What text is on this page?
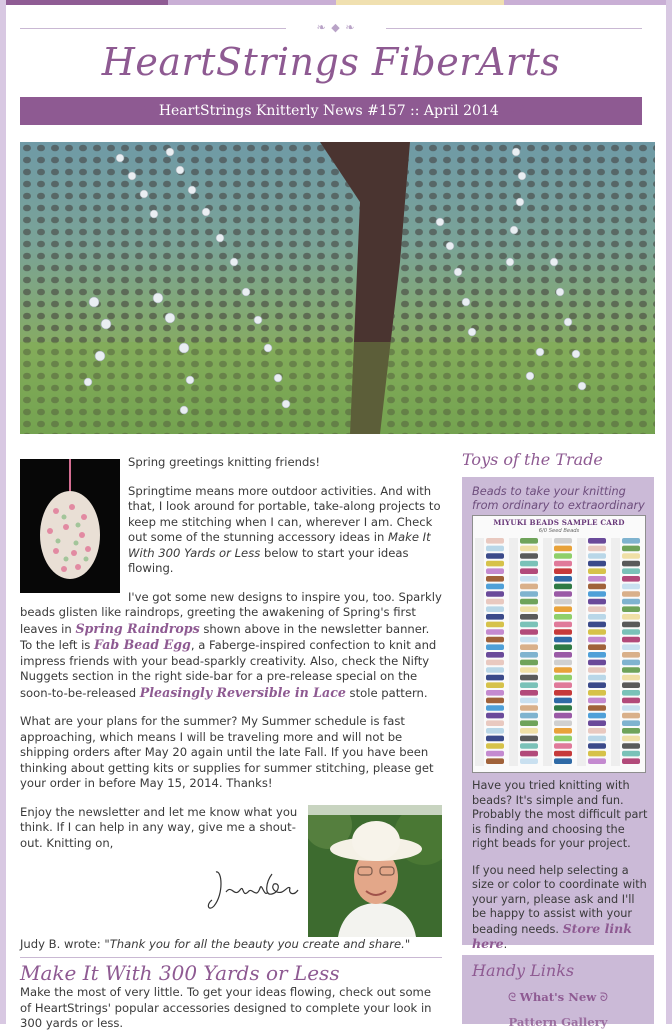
❧ ◆ ❧
HeartStrings FiberArts
ᘓ∾ HeartStrings Knitterly News #157 :: April 2014 ∾ᘐ

Spring greetings knitting friends!

Springtime means more outdoor activities. And with that, I look around for portable, take-along projects to keep me stitching when I can, wherever I am. Check out some of the stunning accessory ideas in Make It With 300 Yards or Less below to start your ideas flowing.

I've got some new designs to inspire you, too. Sparkly beads glisten like raindrops, greeting the awakening of Spring's first leaves in Spring Raindrops shown above in the newsletter banner. To the left is Fab Bead Egg, a Faberge-inspired confection to knit and impress friends with your bead-sparkly creativity. Also, check the Nifty Nuggets section in the right side-bar for a pre-release special on the soon-to-be-released Pleasingly Reversible in Lace stole pattern.

What are your plans for the summer? My Summer schedule is fast approaching, which means I will be traveling more and will not be shipping orders after May 20 again until the late Fall. If you have been thinking about getting kits or supplies for summer stitching, please get your order in before May 15, 2014. Thanks!

Enjoy the newsletter and let me know what you think. If I can help in any way, give me a shout-out. Knitting on,

Judy B. wrote: "Thank you for all the beauty you create and share."
Make It With 300 Yards or Less
Make the most of very little. To get your ideas flowing, check out some of HeartStrings' popular accessories designed to complete your look in 300 yards or less.
Toys of the Trade
Beads to take your knitting from ordinary to extraordinary
MIYUKI BEADS SAMPLE CARD
6/0 Seed Beads

Have you tried knitting with beads? It's simple and fun. Probably the most difficult part is finding and choosing the right beads for your project.

If you need help selecting a size or color to coordinate with your yarn, please ask and I'll be happy to assist with your beading needs. Store link here.

Handy Links
ᘓ What's New ᘐ
Pattern Gallery
